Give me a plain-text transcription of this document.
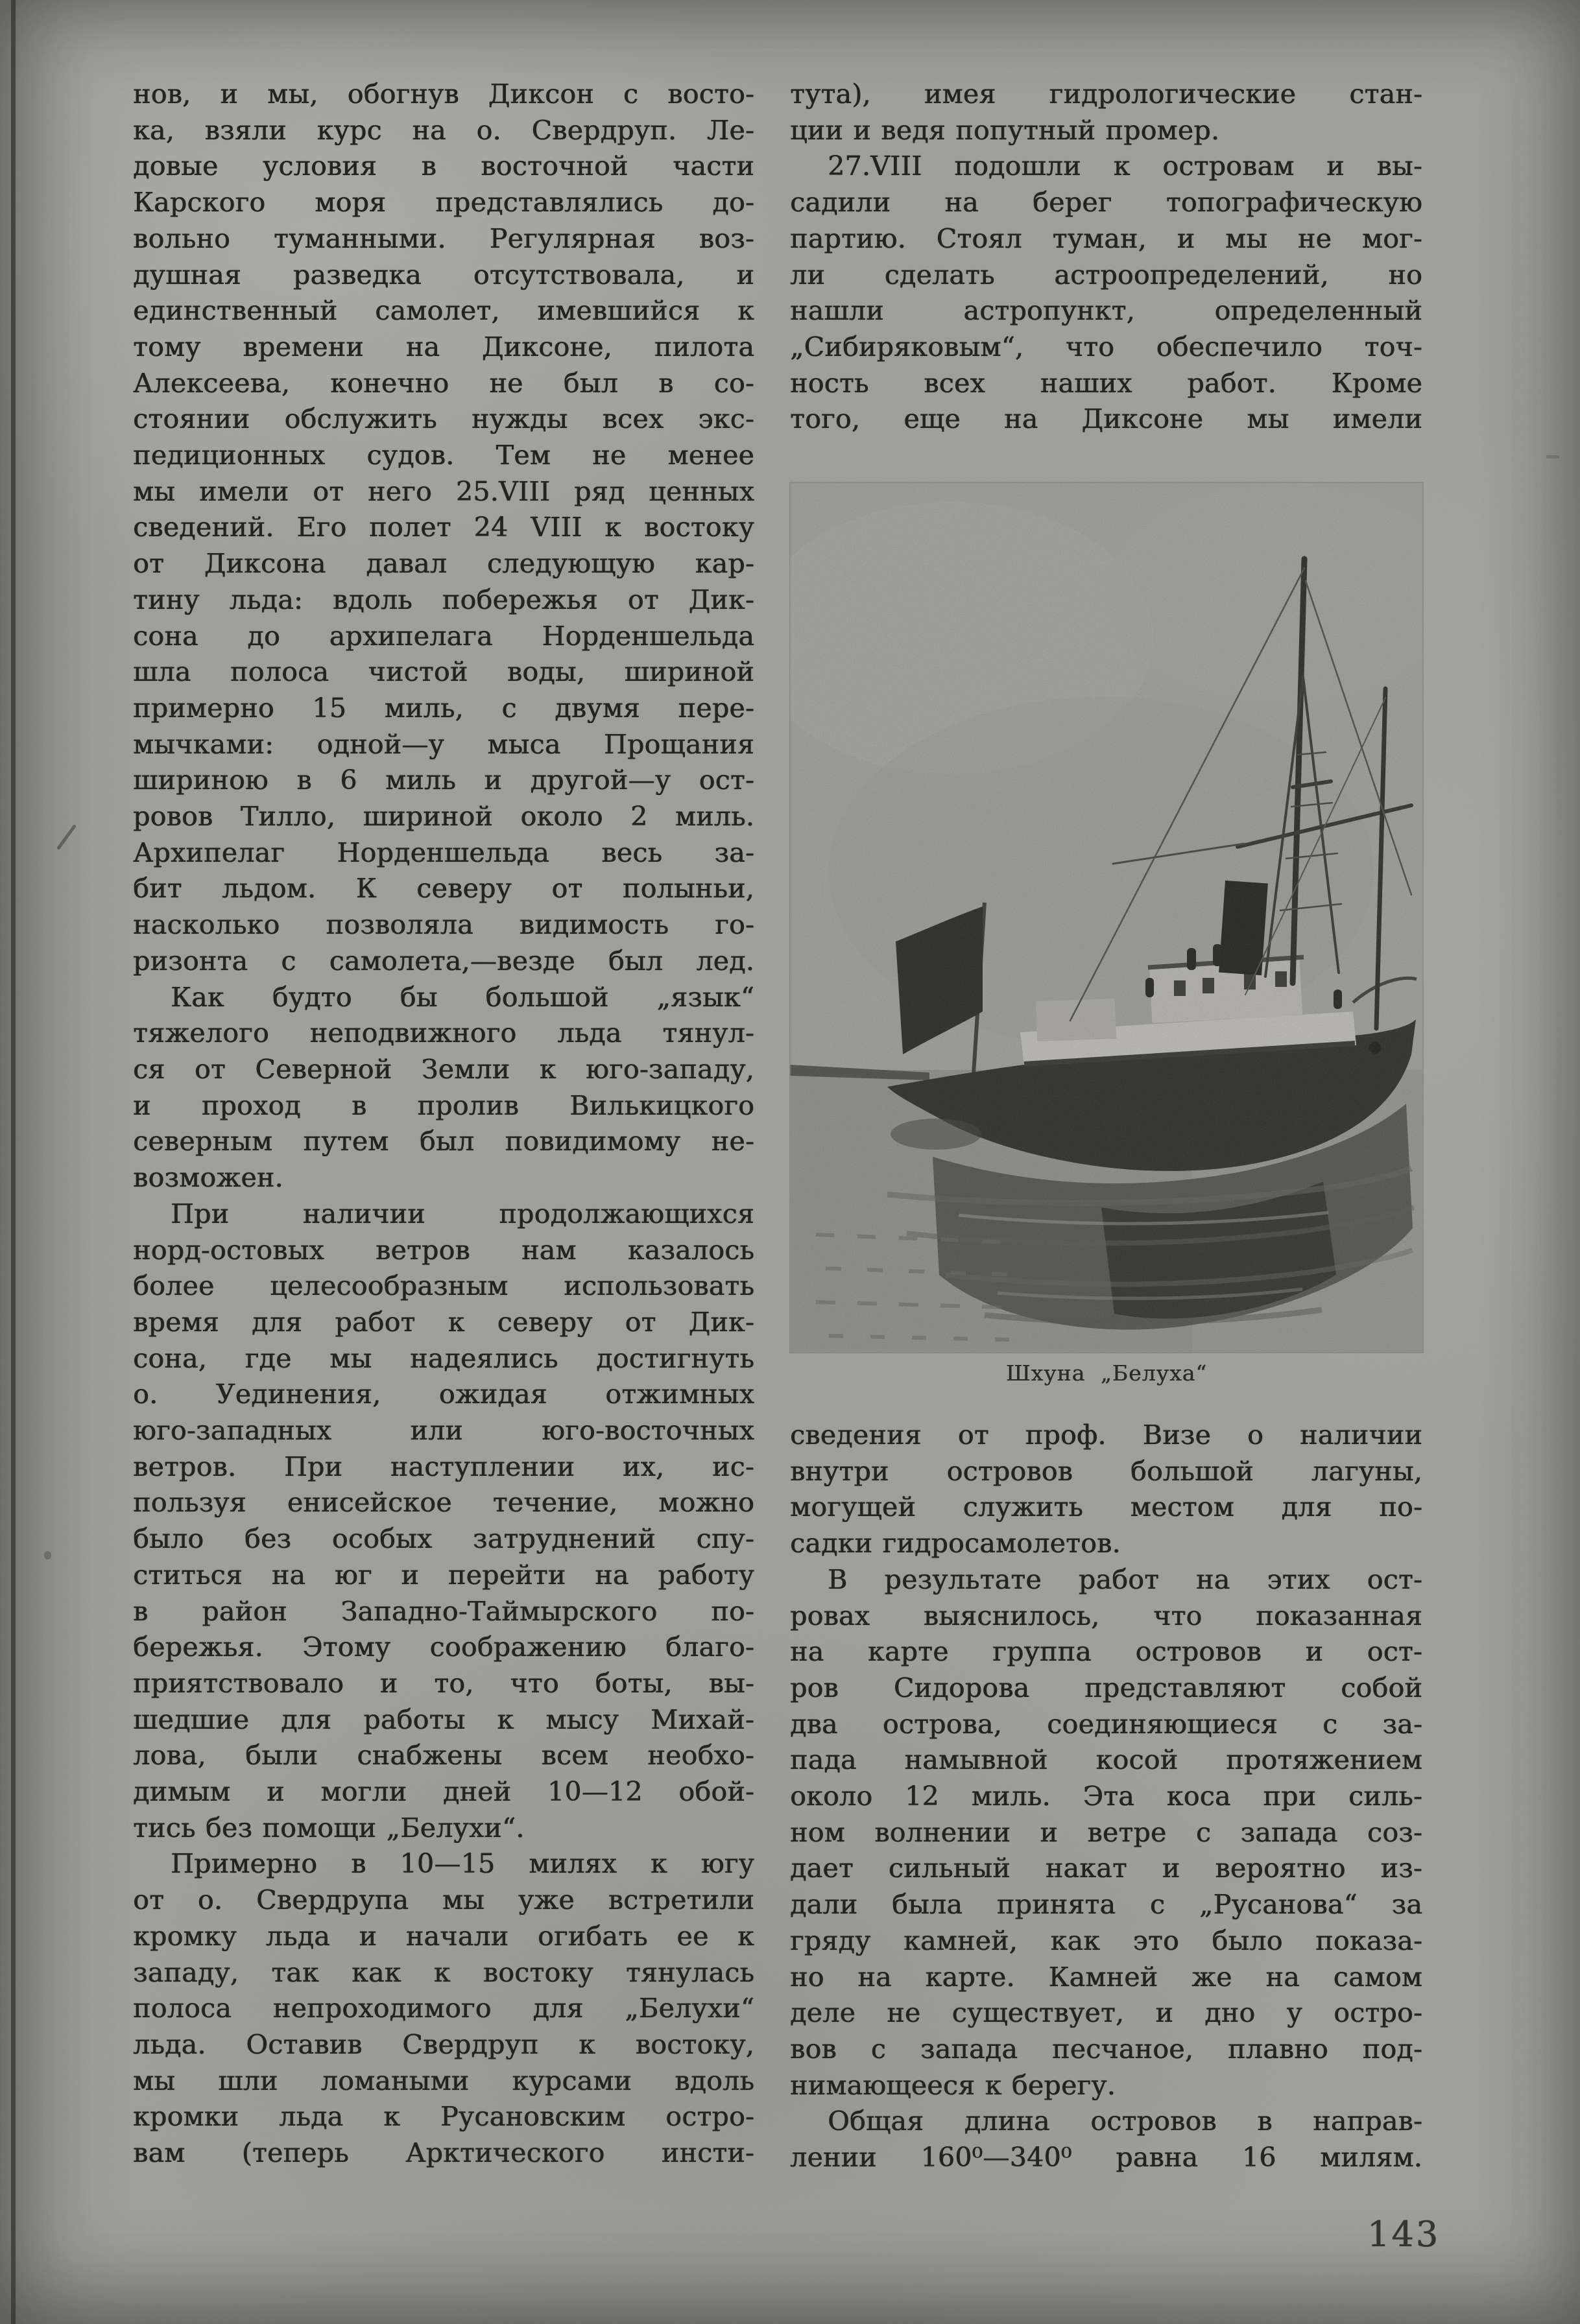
нов, и мы, обогнув Диксон с восто-
ка, взяли курс на о. Свердруп. Ле-
довые условия в восточной части
Карского моря представлялись до-
вольно туманными. Регулярная воз-
душная разведка отсутствовала, и
единственный самолет, имевшийся к
тому времени на Диксоне, пилота
Алексеева, конечно не был в со-
стоянии обслужить нужды всех экс-
педиционных судов. Тем не менее
мы имели от него 25.VIII ряд ценных
сведений. Его полет 24 VIII к востоку
от Диксона давал следующую кар-
тину льда: вдоль побережья от Дик-
сона до архипелага Норденшельда
шла полоса чистой воды, шириной
примерно 15 миль, с двумя пере-
мычками: одной—у мыса Прощания
шириною в 6 миль и другой—у ост-
ровов Тилло, шириной около 2 миль.
Архипелаг Норденшельда весь за-
бит льдом. К северу от полыньи,
насколько позволяла видимость го-
ризонта с самолета,—везде был лед.
Как будто бы большой „язык“
тяжелого неподвижного льда тянул-
ся от Северной Земли к юго-западу,
и проход в пролив Вилькицкого
северным путем был повидимому не-
возможен.
При наличии продолжающихся
норд-остовых ветров нам казалось
более целесообразным использовать
время для работ к северу от Дик-
сона, где мы надеялись достигнуть
о. Уединения, ожидая отжимных
юго-западных или юго-восточных
ветров. При наступлении их, ис-
пользуя енисейское течение, можно
было без особых затруднений спу-
ститься на юг и перейти на работу
в район Западно-Таймырского по-
бережья. Этому соображению благо-
приятствовало и то, что боты, вы-
шедшие для работы к мысу Михай-
лова, были снабжены всем необхо-
димым и могли дней 10—12 обой-
тись без помощи „Белухи“.
Примерно в 10—15 милях к югу
от о. Свердрупа мы уже встретили
кромку льда и начали огибать ее к
западу, так как к востоку тянулась
полоса непроходимого для „Белухи“
льда. Оставив Свердруп к востоку,
мы шли ломаными курсами вдоль
кромки льда к Русановским остро-
вам (теперь Арктического инсти-
тута), имея гидрологические стан-
ции и ведя попутный промер.
27.VIII подошли к островам и вы-
садили на берег топографическую
партию. Стоял туман, и мы не мог-
ли сделать астроопределений, но
нашли астропункт, определенный
„Сибиряковым“, что обеспечило точ-
ность всех наших работ. Кроме
того, еще на Диксоне мы имели
Шхуна „Белуха“
сведения от проф. Визе о наличии
внутри островов большой лагуны,
могущей служить местом для по-
садки гидросамолетов.
В результате работ на этих ост-
ровах выяснилось, что показанная
на карте группа островов и ост-
ров Сидорова представляют собой
два острова, соединяющиеся с за-
пада намывной косой протяжением
около 12 миль. Эта коса при силь-
ном волнении и ветре с запада соз-
дает сильный накат и вероятно из-
дали была принята с „Русанова“ за
гряду камней, как это было показа-
но на карте. Камней же на самом
деле не существует, и дно у остро-
вов с запада песчаное, плавно под-
нимающееся к берегу.
Общая длина островов в направ-
лении 160⁰—340⁰ равна 16 милям.
143
